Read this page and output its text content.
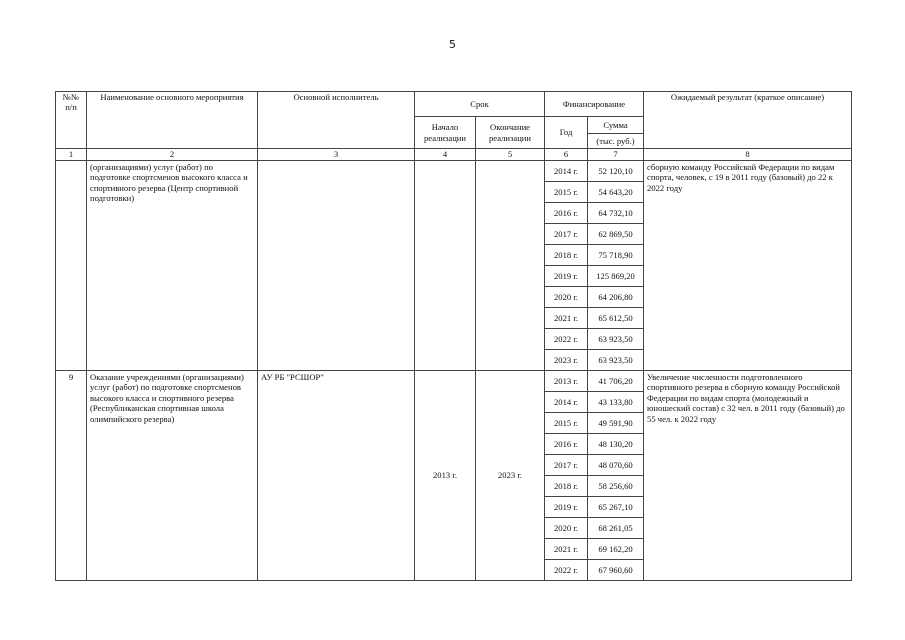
5
№№ п/п	Наименование основного мероприятия	Основной исполнитель	Срок		Финансирование		Ожидаемый результат (краткое описание)
			Начало реализации	Окончание реализации	Год	Сумма	
						(тыс. руб.)	
1	2	3	4	5	6	7	8
	(организациями) услуг (работ) по подготовке спортсменов высокого класса и спортивного резерва (Центр спортивной подготовки)				2014 г.	52 120,10	сборную команду Российской Федерации по видам спорта, человек, с 19 в 2011 году (базовый) до 22 к 2022 году
					2015 г.	54 643,20	
					2016 г.	64 732,10	
					2017 г.	62 869,50	
					2018 г.	75 718,90	
					2019 г.	125 869,20	
					2020 г.	64 206,80	
					2021 г.	65 612,50	
					2022 г.	63 923,50	
					2023 г.	63 923,50	
9	Оказание учреждениями (организациями) услуг (работ) по подготовке спортсменов высокого класса и спортивного резерва (Республиканская спортивная школа олимпийского резерва)	АУ РБ "РСШОР"	2013 г.	2023 г.	2013 г.	41 706,20	Увеличение численности подготовленного спортивного резерва в сборную команду Российской Федерации по видам спорта (молодежный и юношеский состав) с 32 чел. в 2011 году (базовый) до 55 чел. к 2022 году
					2014 г.	43 133,80	
					2015 г.	49 591,90	
					2016 г.	48 130,20	
					2017 г.	48 070,60	
					2018 г.	58 256,60	
					2019 г.	65 267,10	
					2020 г.	68 261,05	
					2021 г.	69 162,20	
					2022 г.	67 960,60	
